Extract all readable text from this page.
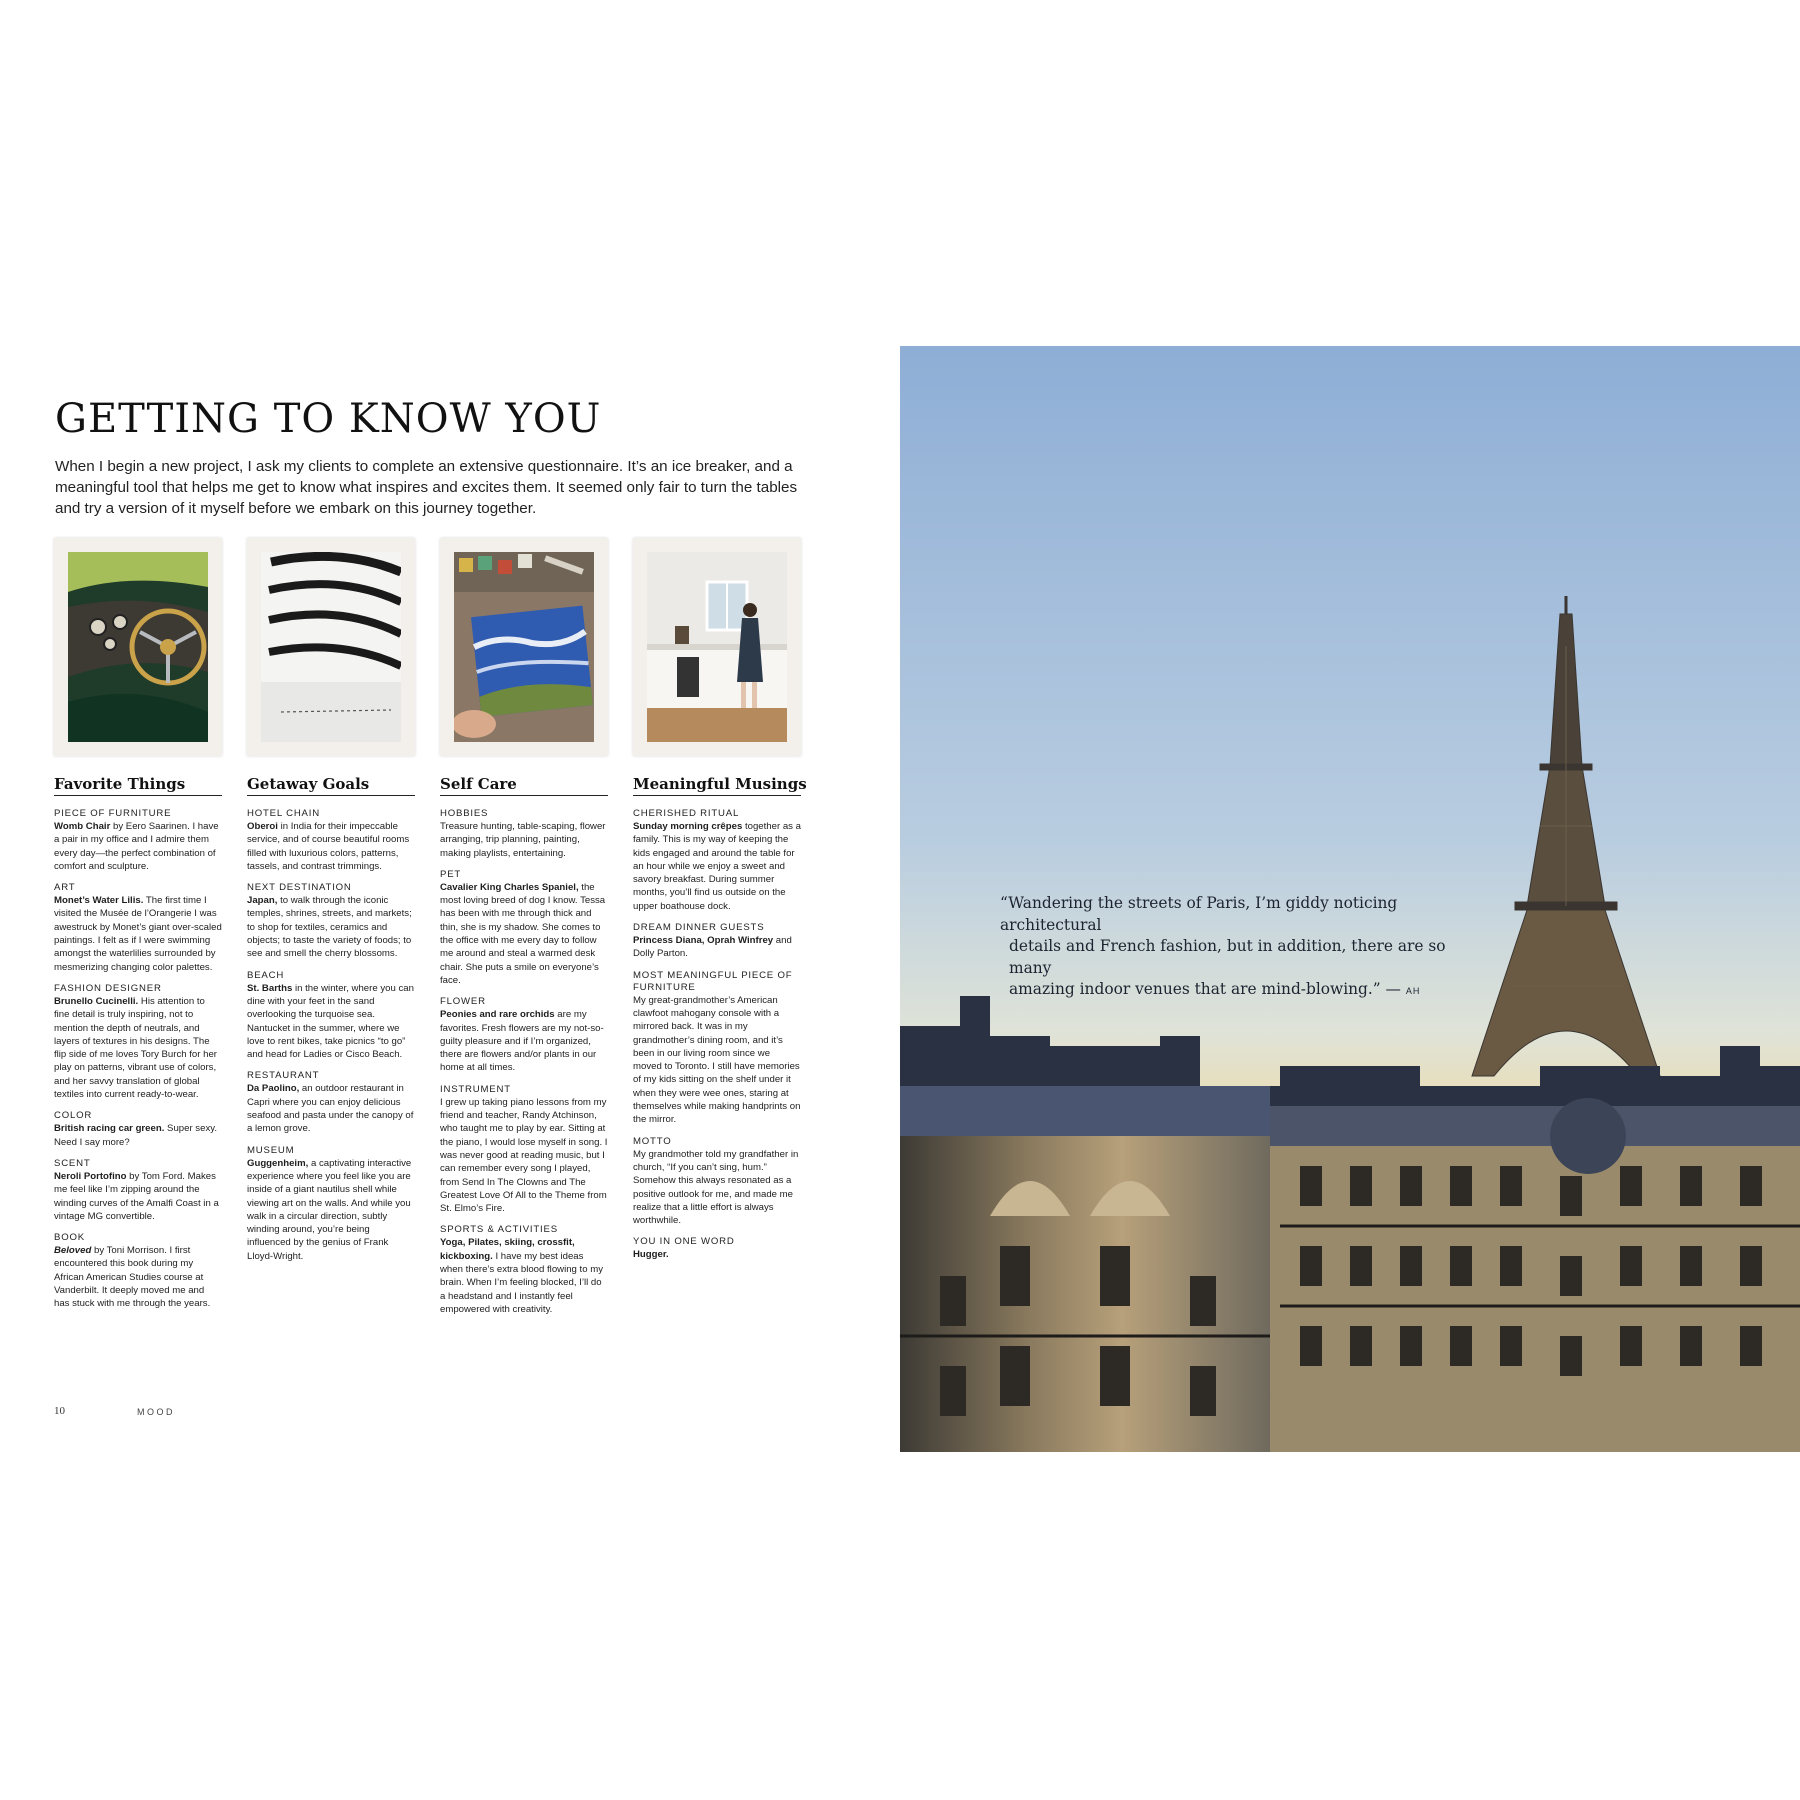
GETTING TO KNOW YOU

When I begin a new project, I ask my clients to complete an extensive questionnaire. It’s an ice breaker, and a meaningful tool that helps me get to know what inspires and excites them. It seemed only fair to turn the tables and try a version of it myself before we embark on this journey together.

Favorite Things
PIECE OF FURNITURE

Womb Chair by Eero Saarinen. I have a pair in my office and I admire them every day—the perfect combination of comfort and sculpture.

ART

Monet’s Water Lilis. The first time I visited the Musée de l’Orangerie I was awestruck by Monet’s giant over-scaled paintings. I felt as if I were swimming amongst the waterlilies surrounded by mesmerizing changing color palettes.

FASHION DESIGNER

Brunello Cucinelli. His attention to fine detail is truly inspiring, not to mention the depth of neutrals, and layers of textures in his designs. The flip side of me loves Tory Burch for her play on patterns, vibrant use of colors, and her savvy translation of global textiles into current ready-to-wear.

COLOR

British racing car green. Super sexy. Need I say more?

SCENT

Neroli Portofino by Tom Ford. Makes me feel like I’m zipping around the winding curves of the Amalfi Coast in a vintage MG convertible.

BOOK

Beloved by Toni Morrison. I first encountered this book during my African American Studies course at Vanderbilt. It deeply moved me and has stuck with me through the years.

Getaway Goals
HOTEL CHAIN

Oberoi in India for their impeccable service, and of course beautiful rooms filled with luxurious colors, patterns, tassels, and contrast trimmings.

NEXT DESTINATION

Japan, to walk through the iconic temples, shrines, streets, and markets; to shop for textiles, ceramics and objects; to taste the variety of foods; to see and smell the cherry blossoms.

BEACH

St. Barths in the winter, where you can dine with your feet in the sand overlooking the turquoise sea. Nantucket in the summer, where we love to rent bikes, take picnics “to go” and head for Ladies or Cisco Beach.

RESTAURANT

Da Paolino, an outdoor restaurant in Capri where you can enjoy delicious seafood and pasta under the canopy of a lemon grove.

MUSEUM

Guggenheim, a captivating interactive experience where you feel like you are inside of a giant nautilus shell while viewing art on the walls. And while you walk in a circular direction, subtly winding around, you’re being influenced by the genius of Frank Lloyd-Wright.

Self Care
HOBBIES

Treasure hunting, table-scaping, flower arranging, trip planning, painting, making playlists, entertaining.

PET

Cavalier King Charles Spaniel, the most loving breed of dog I know. Tessa has been with me through thick and thin, she is my shadow. She comes to the office with me every day to follow me around and steal a warmed desk chair. She puts a smile on everyone’s face.

FLOWER

Peonies and rare orchids are my favorites. Fresh flowers are my not-so-guilty pleasure and if I’m organized, there are flowers and/or plants in our home at all times.

INSTRUMENT

I grew up taking piano lessons from my friend and teacher, Randy Atchinson, who taught me to play by ear. Sitting at the piano, I would lose myself in song. I was never good at reading music, but I can remember every song I played, from Send In The Clowns and The Greatest Love Of All to the Theme from St. Elmo’s Fire.

SPORTS & ACTIVITIES

Yoga, Pilates, skiing, crossfit, kickboxing. I have my best ideas when there’s extra blood flowing to my brain. When I’m feeling blocked, I’ll do a headstand and I instantly feel empowered with creativity.

Meaningful Musings
CHERISHED RITUAL

Sunday morning crêpes together as a family. This is my way of keeping the kids engaged and around the table for an hour while we enjoy a sweet and savory breakfast. During summer months, you’ll find us outside on the upper boathouse dock.

DREAM DINNER GUESTS

Princess Diana, Oprah Winfrey and Dolly Parton.

MOST MEANINGFUL PIECE OF FURNITURE

My great-grandmother’s American clawfoot mahogany console with a mirrored back. It was in my grandmother’s dining room, and it’s been in our living room since we moved to Toronto. I still have memories of my kids sitting on the shelf under it when they were wee ones, staring at themselves while making handprints on the mirror.

MOTTO

My grandmother told my grandfather in church, “If you can’t sing, hum.” Somehow this always resonated as a positive outlook for me, and made me realize that a little effort is always worthwhile.

YOU IN ONE WORD

Hugger.

10	MOOD

“Wandering the streets of Paris, I’m giddy noticing architectural
details and French fashion, but in addition, there are so many
amazing indoor venues that are mind-blowing.” — AH
